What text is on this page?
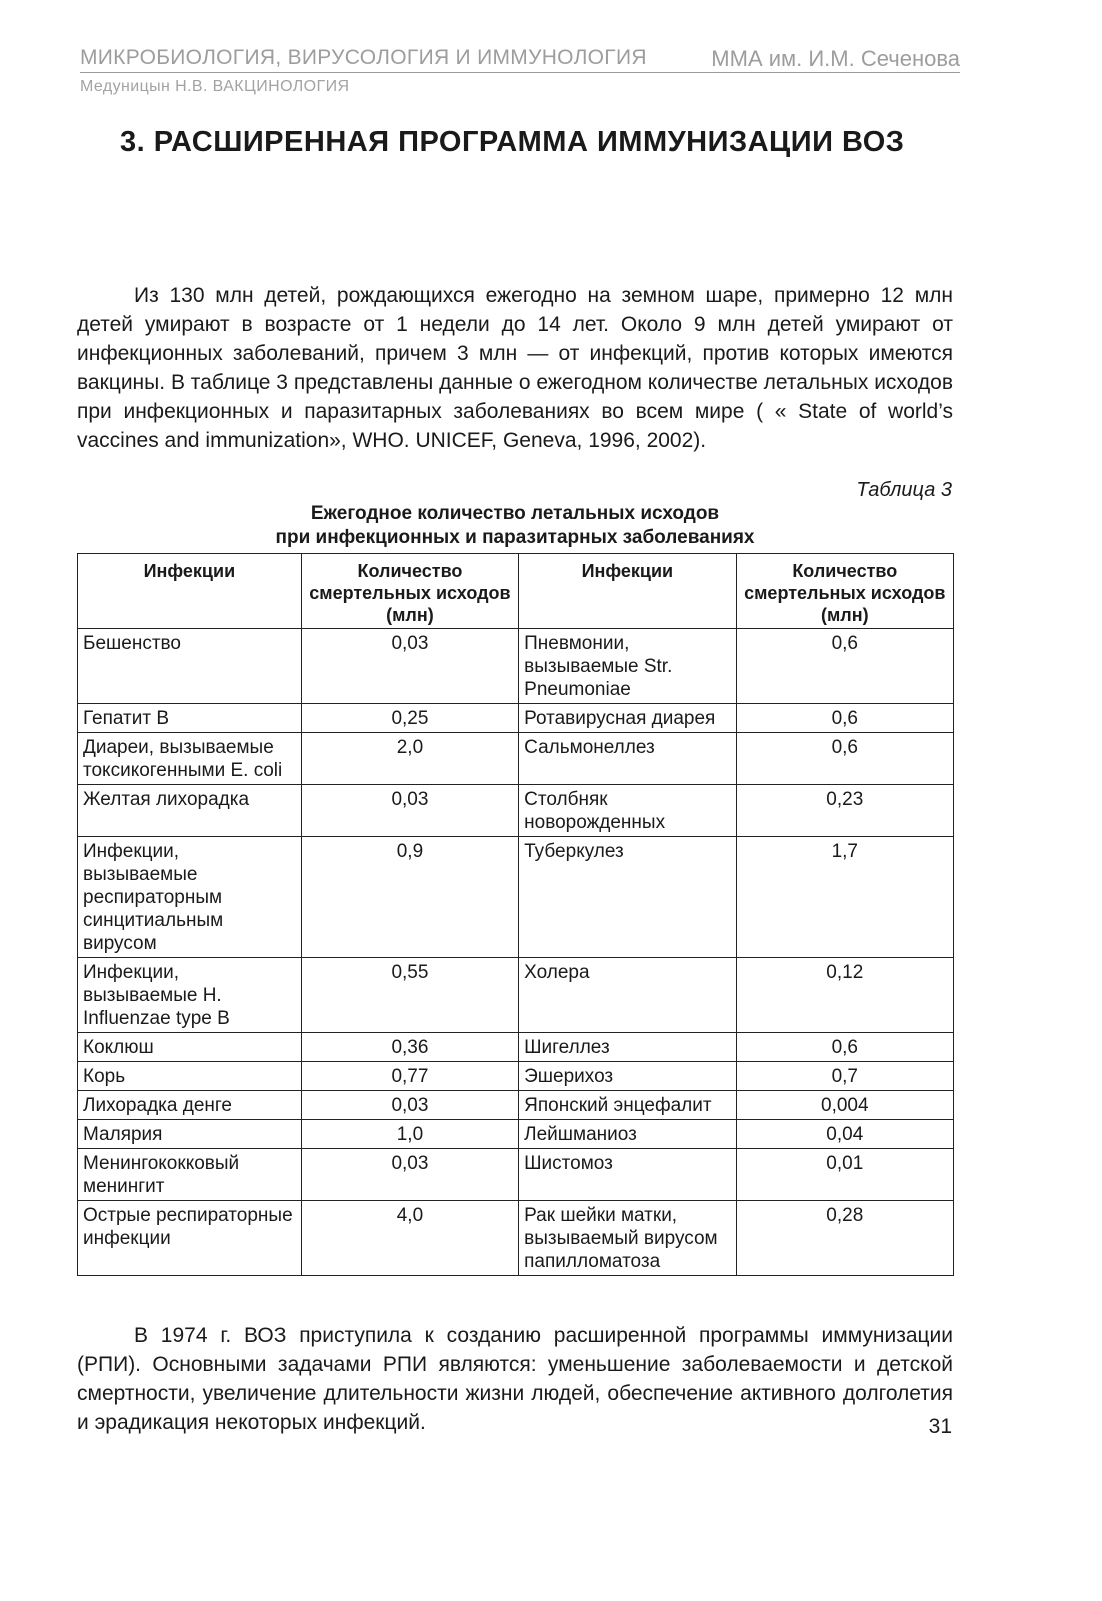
МИКРОБИОЛОГИЯ, ВИРУСОЛОГИЯ И ИММУНОЛОГИЯ	ММА им. И.М. Сеченова
Медуницын Н.В. ВАКЦИНОЛОГИЯ
3. РАСШИРЕННАЯ ПРОГРАММА ИММУНИЗАЦИИ ВОЗ

Из 130 млн детей, рождающихся ежегодно на земном шаре, примерно 12 млн детей умирают в возрасте от 1 недели до 14 лет. Около 9 млн детей умирают от инфекционных заболеваний, причем 3 млн — от инфекций, против которых имеются вакцины. В таблице 3 представлены данные о ежегодном количестве летальных исходов при инфекционных и паразитарных заболеваниях во всем мире ( « State of world’s vaccines and immunization», WHO. UNICEF, Geneva, 1996, 2002).

Таблица 3
Ежегодное количество летальных исходов
при инфекционных и паразитарных заболеваниях
Инфекции	Количество смертельных исходов (млн)	Инфекции	Количество смертельных исходов (млн)
Бешенство	0,03	Пневмонии, вызываемые Str. Pneumoniae	0,6
Гепатит В	0,25	Ротавирусная диарея	0,6
Диареи, вызываемые токсикогенными E. coli	2,0	Сальмонеллез	0,6
Желтая лихорадка	0,03	Столбняк новорожденных	0,23
Инфекции, вызываемые респираторным синцитиальным вирусом	0,9	Туберкулез	1,7
Инфекции, вызываемые H. Influenzae type B	0,55	Холера	0,12
Коклюш	0,36	Шигеллез	0,6
Корь	0,77	Эшерихоз	0,7
Лихорадка денге	0,03	Японский энцефалит	0,004
Малярия	1,0	Лейшманиоз	0,04
Менингококковый менингит	0,03	Шистомоз	0,01
Острые респираторные инфекции	4,0	Рак шейки матки, вызываемый вирусом папилломатоза	0,28

В 1974 г. ВОЗ приступила к созданию расширенной программы иммунизации (РПИ). Основными задачами РПИ являются: уменьшение заболеваемости и детской смертности, увеличение длительности жизни людей, обеспечение активного долголетия и эрадикация некоторых инфекций.	31
